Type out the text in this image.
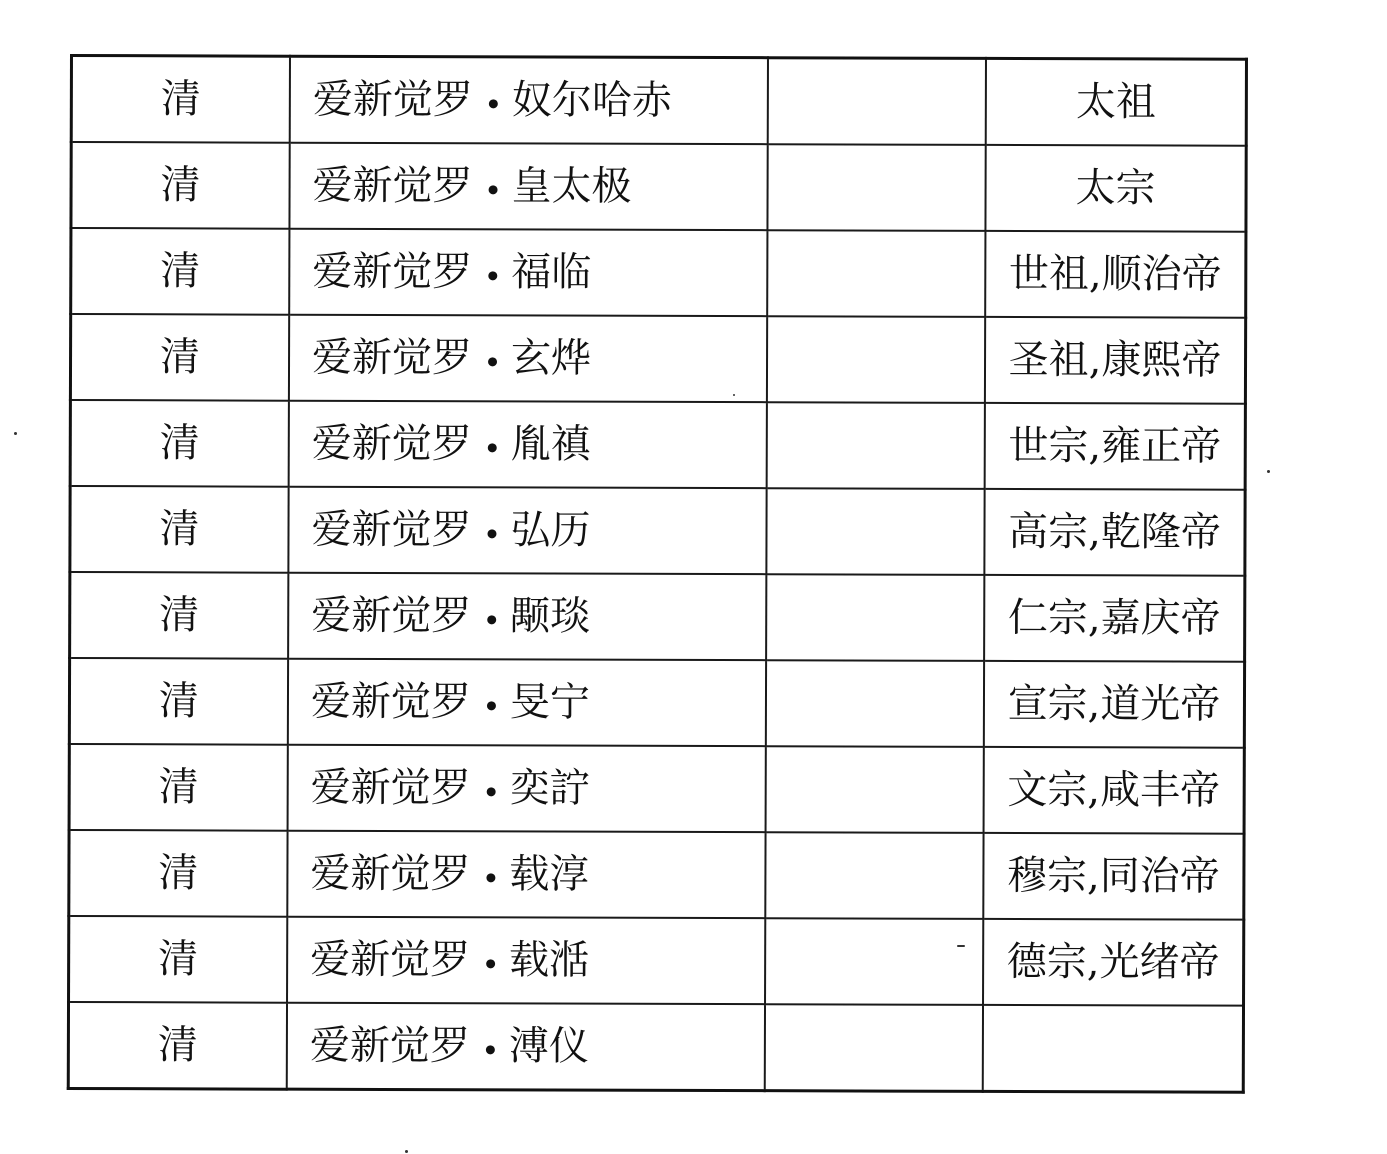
清	爱新觉罗 奴尔哈赤		太祖
清	爱新觉罗 皇太极		太宗
清	爱新觉罗 福临		世祖,顺治帝
清	爱新觉罗 玄烨		圣祖,康熙帝
清	爱新觉罗 胤禛		世宗,雍正帝
清	爱新觉罗 弘历		高宗,乾隆帝
清	爱新觉罗 颙琰		仁宗,嘉庆帝
清	爱新觉罗 旻宁		宣宗,道光帝
清	爱新觉罗 奕詝		文宗,咸丰帝
清	爱新觉罗 载淳		穆宗,同治帝
清	爱新觉罗 载湉		德宗,光绪帝
清	爱新觉罗 溥仪		
